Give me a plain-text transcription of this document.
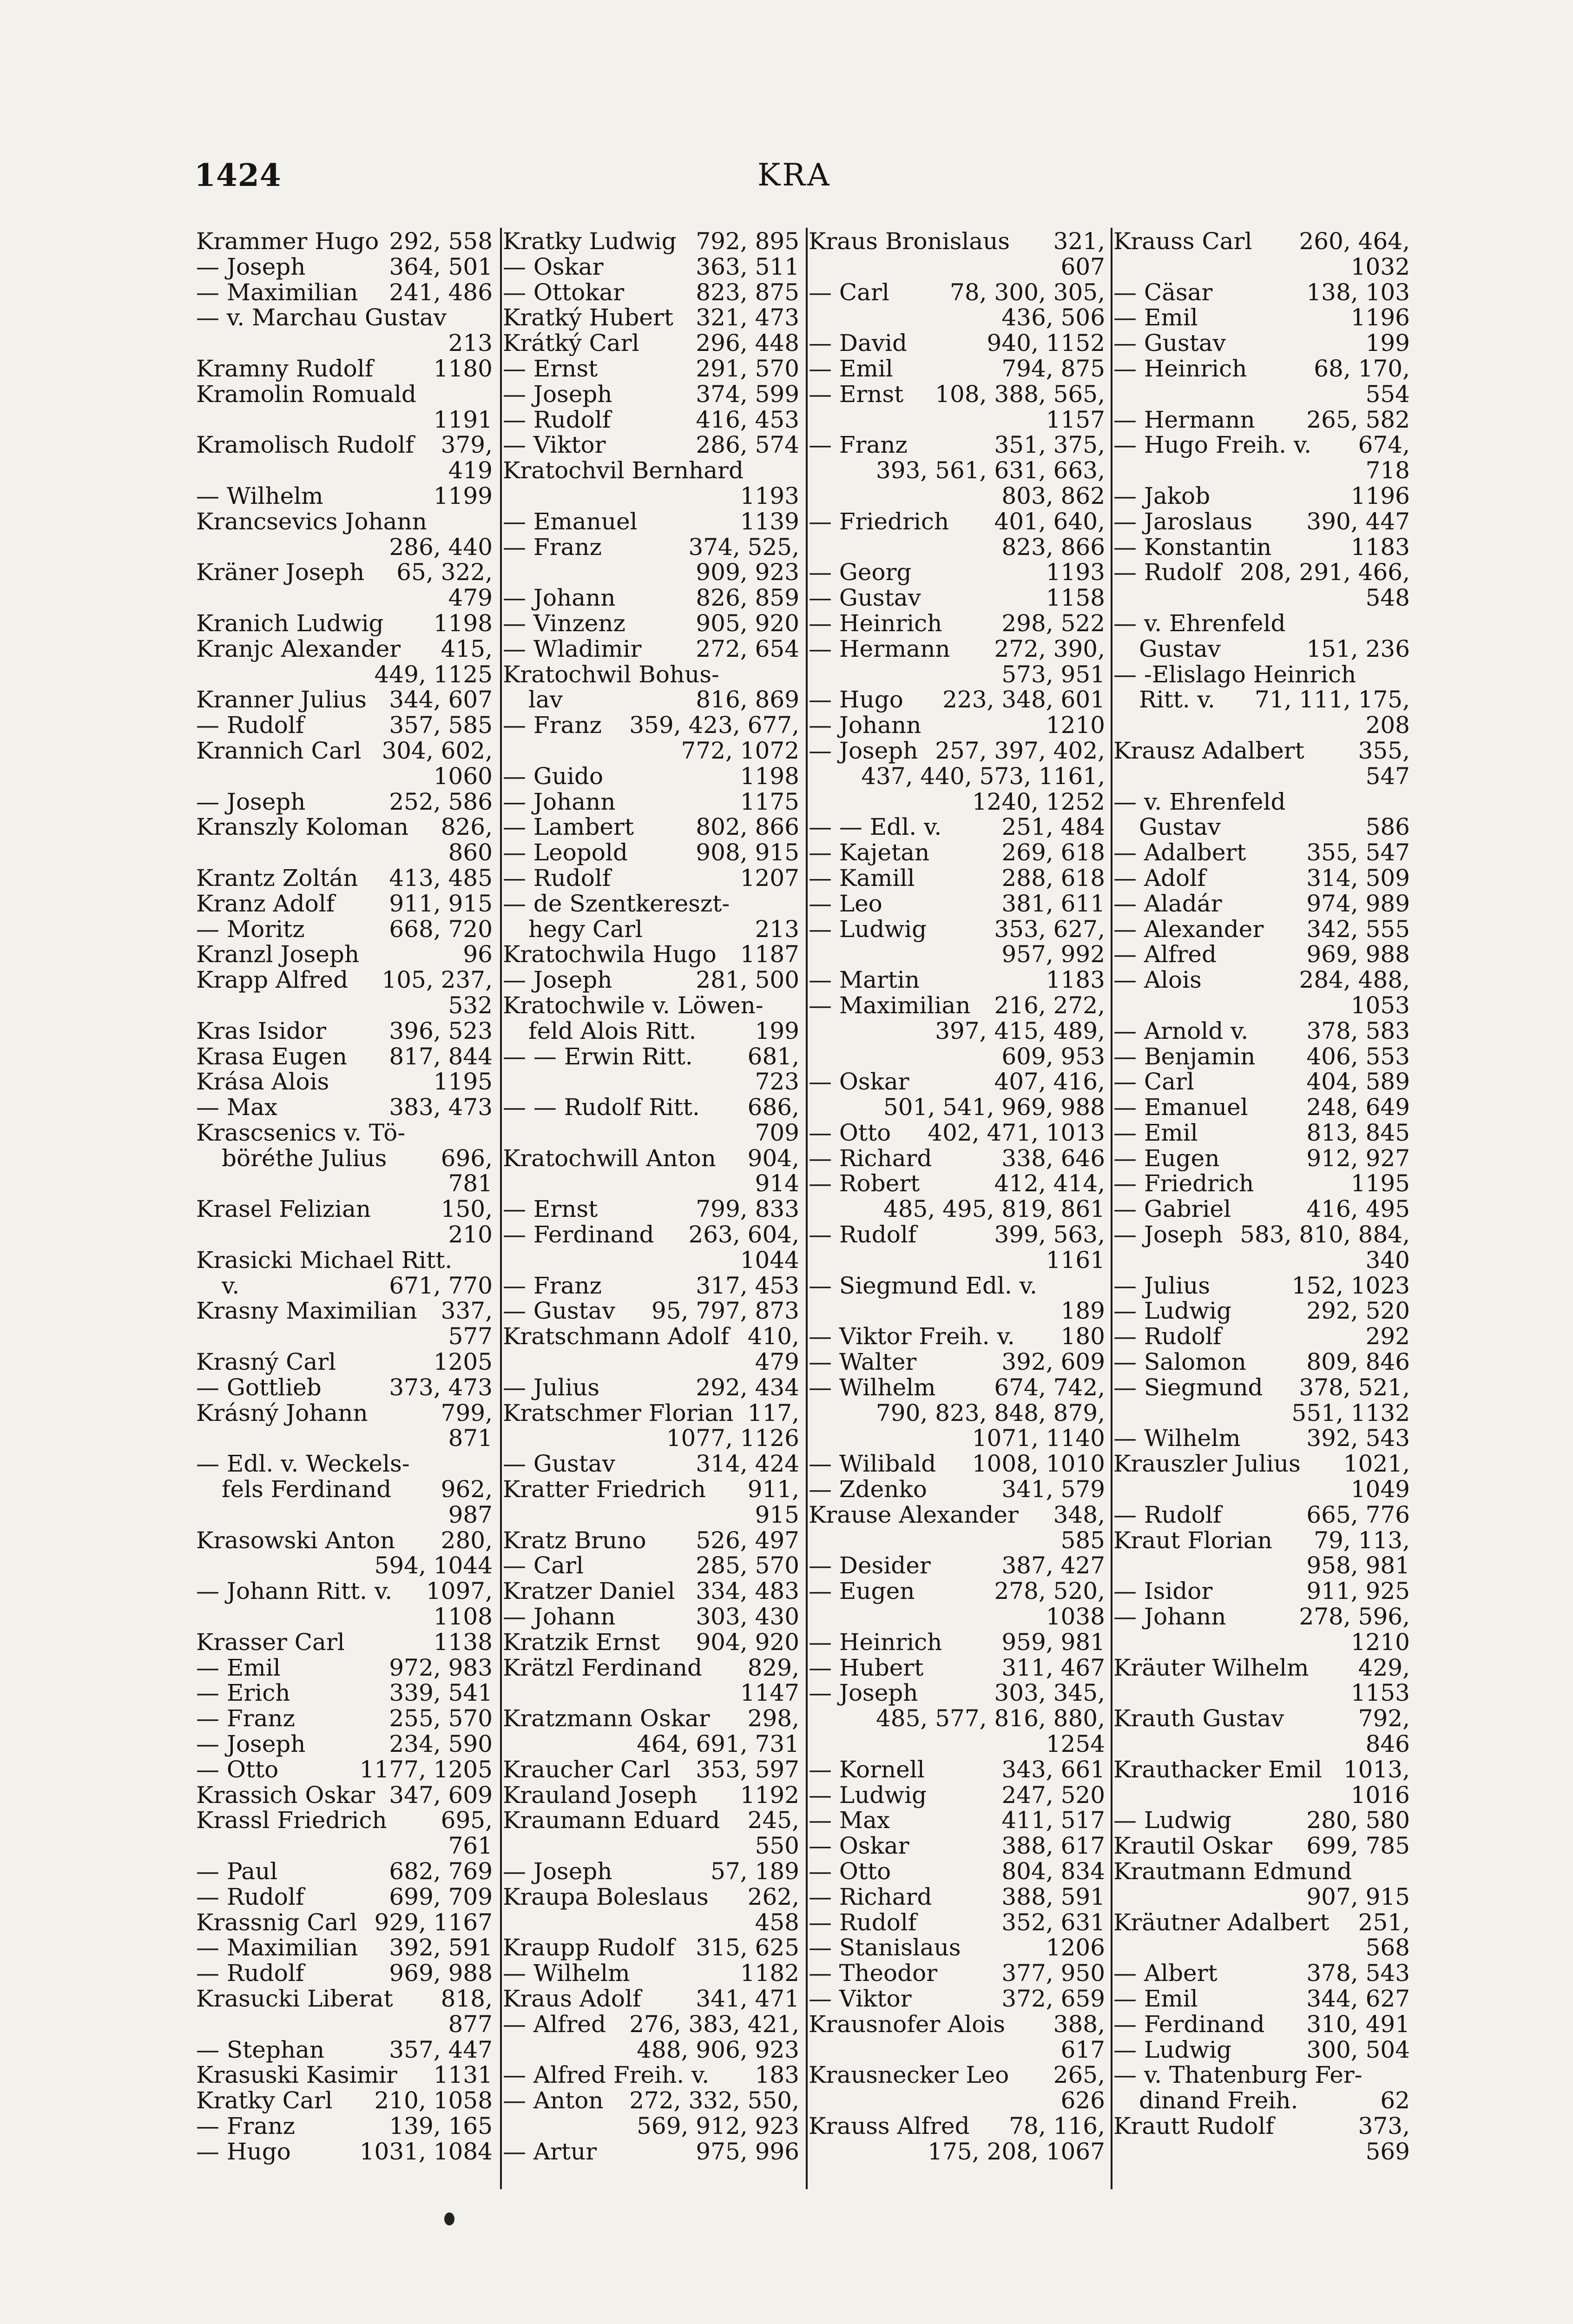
1424	KRA
Krammer Hugo 292, 558
— Joseph	364, 501
— Maximilian 241, 486
— v. Marchau Gustav
213
Kramny Rudolf	1180
Kramolin Romuald
1191
Kramolisch Rudolf 379,
419
— Wilhelm	1199
Krancsevics Johann
286, 440
Kräner Joseph 65, 322,
479
Kranich Ludwig 1198
Kranjc Alexander 415,
449, 1125
Kranner Julius 344, 607
— Rudolf	357, 585
Krannich Carl 304, 602,
1060
— Joseph	252, 586
Kranszly Koloman 826,
860
Krantz Zoltán 413, 485
Kranz Adolf 911, 915
— Moritz	668, 720
Kranzl Joseph	96
Krapp Alfred 105, 237,
532
Kras Isidor	396, 523
Krasa Eugen 817, 844
Krása Alois	1195
— Max	383, 473
Krascsenics v. Tö-
böréthe Julius 696,
781
Krasel Felizian	150,
210
Krasicki Michael Ritt.
v.	671, 770
Krasny Maximilian 337,
577
Krasný Carl	1205
— Gottlieb	373, 473
Krásný Johann	799,
871
— Edl. v. Weckels-
fels Ferdinand 962,
987
Krasowski Anton 280,
594, 1044
— Johann Ritt. v. 1097,
1108
Krasser Carl	1138
— Emil	972, 983
— Erich	339, 541
— Franz	255, 570
— Joseph	234, 590
— Otto	1177, 1205
Krassich Oskar 347, 609
Krassl Friedrich 695,
761
— Paul	682, 769
— Rudolf	699, 709
Krassnig Carl 929, 1167
— Maximilian 392, 591
— Rudolf	969, 988
Krasucki Liberat 818,
877
— Stephan	357, 447
Krasuski Kasimir 1131
Kratky Carl 210, 1058
— Franz	139, 165
— Hugo	1031, 1084
Kratky Ludwig 792, 895
— Oskar	363, 511
— Ottokar	823, 875
Kratký Hubert 321, 473
Krátký Carl 296, 448
— Ernst	291, 570
— Joseph	374, 599
— Rudolf	416, 453
— Viktor	286, 574
Kratochvil Bernhard
1193
— Emanuel	1139
— Franz	374, 525,
909, 923
— Johann	826, 859
— Vinzenz	905, 920
— Wladimir 272, 654
Kratochwil Bohus-
lav	816, 869
— Franz 359, 423, 677,
772, 1072
— Guido	1198
— Johann	1175
— Lambert	802, 866
— Leopold	908, 915
— Rudolf	1207
— de Szentkereszt-
hegy Carl	213
Kratochwila Hugo 1187
— Joseph	281, 500
Kratochwile v. Löwen-
feld Alois Ritt.	199
— — Erwin Ritt. 681,
723
— — Rudolf Ritt. 686,
709
Kratochwill Anton 904,
914
— Ernst	799, 833
— Ferdinand 263, 604,
1044
— Franz	317, 453
— Gustav 95, 797, 873
Kratschmann Adolf 410,
479
— Julius	292, 434
Kratschmer Florian 117,
1077, 1126
— Gustav	314, 424
Kratter Friedrich 911,
915
Kratz Bruno 526, 497
— Carl	285, 570
Kratzer Daniel 334, 483
— Johann	303, 430
Kratzik Ernst 904, 920
Krätzl Ferdinand 829,
1147
Kratzmann Oskar 298,
464, 691, 731
Kraucher Carl 353, 597
Krauland Joseph 1192
Kraumann Eduard 245,
550
— Joseph	57, 189
Kraupa Boleslaus 262,
458
Kraupp Rudolf 315, 625
— Wilhelm	1182
Kraus Adolf 341, 471
— Alfred 276, 383, 421,
488, 906, 923
— Alfred Freih. v. 183
— Anton 272, 332, 550,
569, 912, 923
— Artur	975, 996
Kraus Bronislaus 321,
607
— Carl	78, 300, 305,
436, 506
— David	940, 1152
— Emil	794, 875
— Ernst 108, 388, 565,
1157
— Franz	351, 375,
393, 561, 631, 663,
803, 862
— Friedrich 401, 640,
823, 866
— Georg	1193
— Gustav	1158
— Heinrich	298, 522
— Hermann 272, 390,
573, 951
— Hugo 223, 348, 601
— Johann	1210
— Joseph 257, 397, 402,
437, 440, 573, 1161,
1240, 1252
— — Edl. v.	251, 484
— Kajetan	269, 618
— Kamill	288, 618
— Leo	381, 611
— Ludwig	353, 627,
957, 992
— Martin	1183
— Maximilian 216, 272,
397, 415, 489,
609, 953
— Oskar	407, 416,
501, 541, 969, 988
— Otto 402, 471, 1013
— Richard	338, 646
— Robert	412, 414,
485, 495, 819, 861
— Rudolf	399, 563,
1161
— Siegmund Edl. v.
189
— Viktor Freih. v. 180
— Walter	392, 609
— Wilhelm	674, 742,
790, 823, 848, 879,
1071, 1140
— Wilibald 1008, 1010
— Zdenko	341, 579
Krause Alexander 348,
585
— Desider	387, 427
— Eugen	278, 520,
1038
— Heinrich	959, 981
— Hubert	311, 467
— Joseph	303, 345,
485, 577, 816, 880,
1254
— Kornell	343, 661
— Ludwig	247, 520
— Max	411, 517
— Oskar	388, 617
— Otto	804, 834
— Richard	388, 591
— Rudolf	352, 631
— Stanislaus	1206
— Theodor	377, 950
— Viktor	372, 659
Krausnofer Alois 388,
617
Krausnecker Leo 265,
626
Krauss Alfred 78, 116,
175, 208, 1067
Krauss Carl 260, 464,
1032
— Cäsar	138, 103
— Emil	1196
— Gustav	199
— Heinrich	68, 170,
554
— Hermann 265, 582
— Hugo Freih. v. 674,
718
— Jakob	1196
— Jaroslaus 390, 447
— Konstantin	1183
— Rudolf 208, 291, 466,
548
— v. Ehrenfeld
Gustav	151, 236
— -Elislago Heinrich
Ritt. v. 71, 111, 175,
208
Krausz Adalbert 355,
547
— v. Ehrenfeld
Gustav	586
— Adalbert	355, 547
— Adolf	314, 509
— Aladár	974, 989
— Alexander 342, 555
— Alfred	969, 988
— Alois	284, 488,
1053
— Arnold v.	378, 583
— Benjamin 406, 553
— Carl	404, 589
— Emanuel	248, 649
— Emil	813, 845
— Eugen	912, 927
— Friedrich	1195
— Gabriel	416, 495
— Joseph 583, 810, 884,
340
— Julius	152, 1023
— Ludwig	292, 520
— Rudolf	292
— Salomon	809, 846
— Siegmund 378, 521,
551, 1132
— Wilhelm	392, 543
Krauszler Julius 1021,
1049
— Rudolf	665, 776
Kraut Florian 79, 113,
958, 981
— Isidor	911, 925
— Johann	278, 596,
1210
Kräuter Wilhelm 429,
1153
Krauth Gustav	792,
846
Krauthacker Emil 1013,
1016
— Ludwig	280, 580
Krautil Oskar 699, 785
Krautmann Edmund
907, 915
Kräutner Adalbert 251,
568
— Albert	378, 543
— Emil	344, 627
— Ferdinand 310, 491
— Ludwig	300, 504
— v. Thatenburg Fer-
dinand Freih.	62
Krautt Rudolf	373,
569
